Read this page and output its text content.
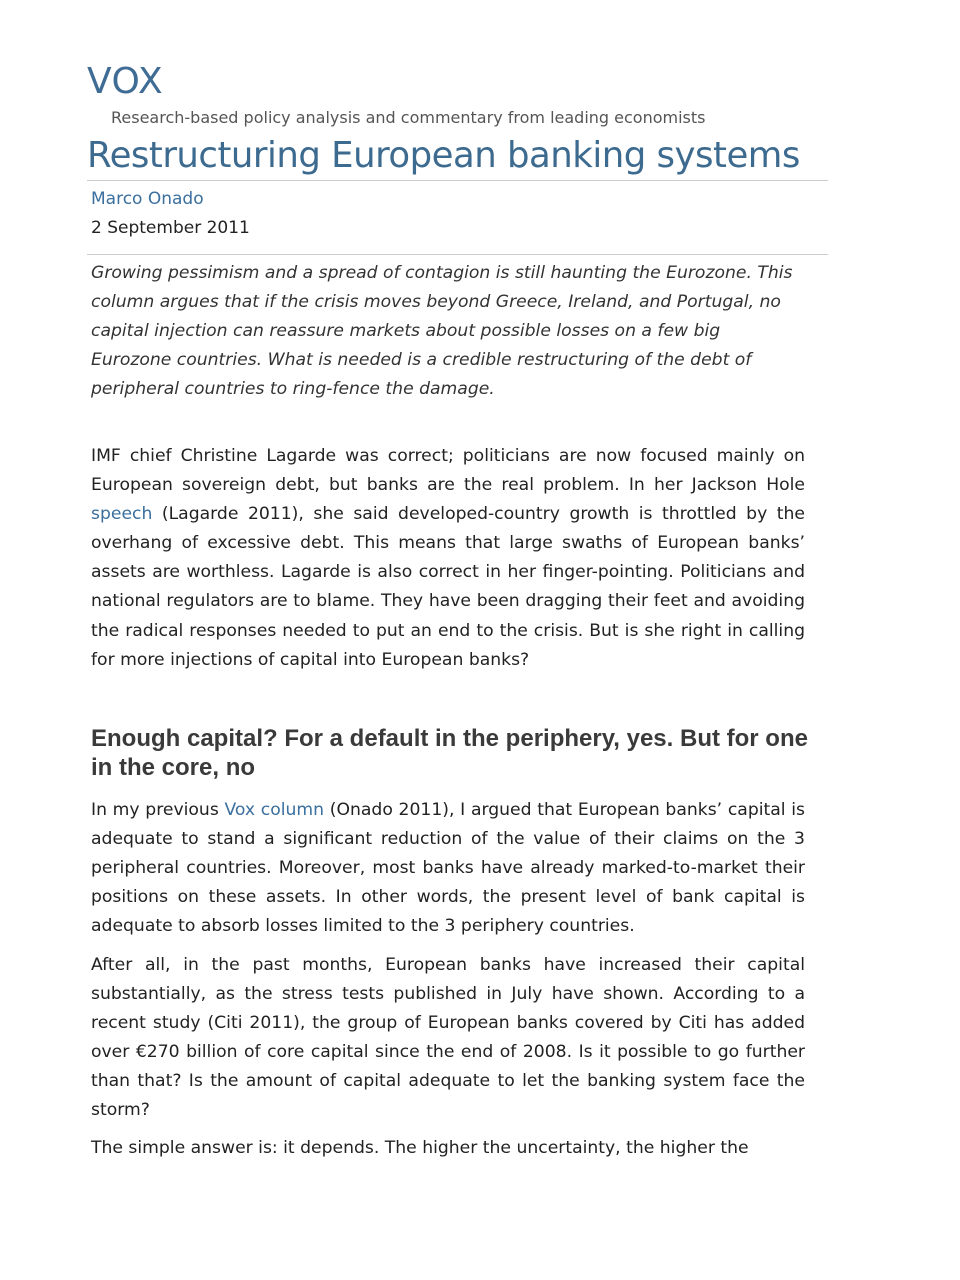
VOX
Research-based policy analysis and commentary from leading economists
Restructuring European banking systems
Marco Onado
2 September 2011

Growing pessimism and a spread of contagion is still haunting the Eurozone. This column argues that if the crisis moves beyond Greece, Ireland, and Portugal, no capital injection can reassure markets about possible losses on a few big Eurozone countries. What is needed is a credible restructuring of the debt of peripheral countries to ring-fence the damage.

IMF chief Christine Lagarde was correct; politicians are now focused mainly on European sovereign debt, but banks are the real problem. In her Jackson Hole speech (Lagarde 2011), she said developed-country growth is throttled by the overhang of excessive debt. This means that large swaths of European banks’ assets are worthless. Lagarde is also correct in her finger-pointing. Politicians and national regulators are to blame. They have been dragging their feet and avoiding the radical responses needed to put an end to the crisis. But is she right in calling for more injections of capital into European banks?

Enough capital? For a default in the periphery, yes. But for one in the core, no

In my previous Vox column (Onado 2011), I argued that European banks’ capital is adequate to stand a significant reduction of the value of their claims on the 3 peripheral countries. Moreover, most banks have already marked-to-market their positions on these assets. In other words, the present level of bank capital is adequate to absorb losses limited to the 3 periphery countries.

After all, in the past months, European banks have increased their capital substantially, as the stress tests published in July have shown. According to a recent study (Citi 2011), the group of European banks covered by Citi has added over €270 billion of core capital since the end of 2008. Is it possible to go further than that? Is the amount of capital adequate to let the banking system face the storm?

The simple answer is: it depends. The higher the uncertainty, the higher the
